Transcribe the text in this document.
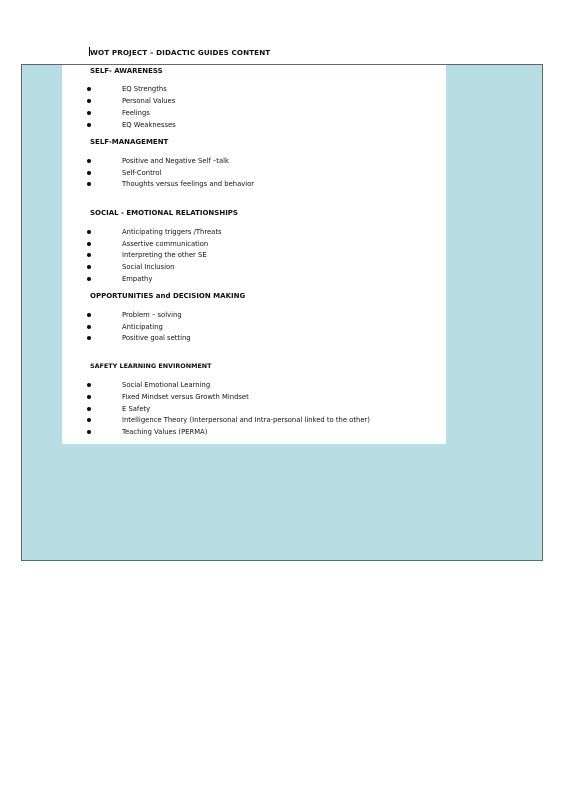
WOT PROJECT – DIDACTIC GUIDES CONTENT
SELF- AWARENESS
EQ Strengths
Personal Values
Feelings
EQ Weaknesses
SELF-MANAGEMENT
Positive and Negative Self –talk
Self-Control
Thoughts versus feelings and behavior
SOCIAL - EMOTIONAL RELATIONSHIPS
Anticipating triggers /Threats
Assertive communication
Interpreting the other SE
Social Inclusion
Empathy
OPPORTUNITIES and DECISION MAKING
Problem – solving
Anticipating
Positive goal setting
SAFETY LEARNING ENVIRONMENT
Social Emotional Learning
Fixed Mindset versus Growth Mindset
E Safety
Intelligence Theory (Interpersonal and Intra-personal linked to the other)
Teaching Values (PERMA)
